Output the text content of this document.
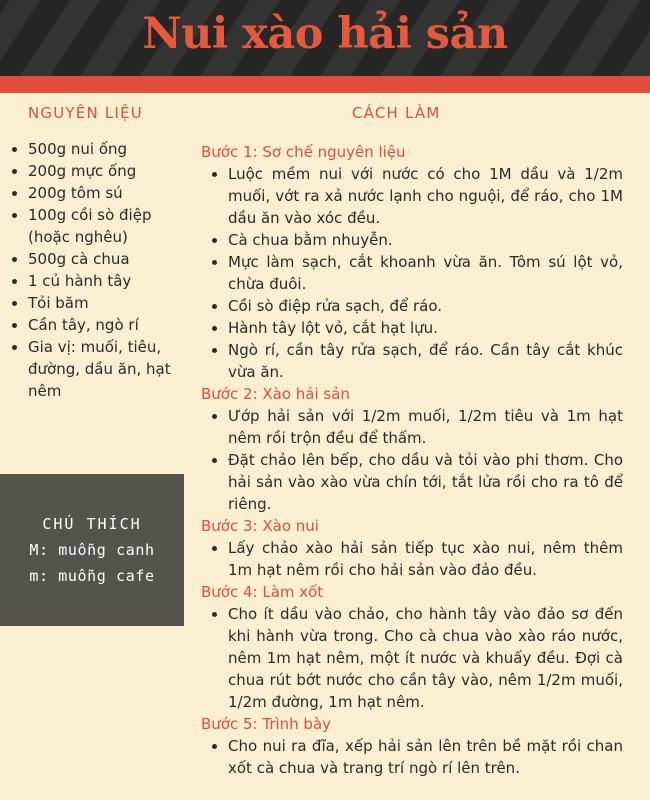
Nui xào hải sản
NGUYÊN LIỆU	CÁCH LÀM
• 500g nui ống
• 200g mực ống
• 200g tôm sú
• 100g cồi sò điệp (hoặc nghêu)
• 500g cà chua
• 1 củ hành tây
• Tỏi băm
• Cần tây, ngò rí
• Gia vị: muối, tiêu, đường, dầu ăn, hạt nêm
CHÚ THÍCH
M: muỗng canh
m: muỗng cafe

Bước 1: Sơ chế nguyên liệu

• Luộc mềm nui với nước có cho 1M dầu và 1/2m muối, vớt ra xả nước lạnh cho nguội, để ráo, cho 1M dầu ăn vào xóc đều.
• Cà chua bằm nhuyễn.
• Mực làm sạch, cắt khoanh vừa ăn. Tôm sú lột vỏ, chừa đuôi.
• Cồi sò điệp rửa sạch, để ráo.
• Hành tây lột vỏ, cắt hạt lựu.
• Ngò rí, cần tây rửa sạch, để ráo. Cần tây cắt khúc vừa ăn.

Bước 2: Xào hải sản

• Ướp hải sản với 1/2m muối, 1/2m tiêu và 1m hạt nêm rồi trộn đều để thấm.
• Đặt chảo lên bếp, cho dầu và tỏi vào phi thơm. Cho hải sản vào xào vừa chín tới, tắt lửa rồi cho ra tô để riêng.

Bước 3: Xào nui

• Lấy chảo xào hải sản tiếp tục xào nui, nêm thêm 1m hạt nêm rồi cho hải sản vào đảo đều.

Bước 4: Làm xốt

• Cho ít dầu vào chảo, cho hành tây vào đảo sơ đến khi hành vừa trong. Cho cà chua vào xào ráo nước, nêm 1m hạt nêm, một ít nước và khuấy đều. Đợi cà chua rút bớt nước cho cần tây vào, nêm 1/2m muối, 1/2m đường, 1m hạt nêm.

Bước 5: Trình bày

• Cho nui ra đĩa, xếp hải sản lên trên bề mặt rồi chan xốt cà chua và trang trí ngò rí lên trên.
